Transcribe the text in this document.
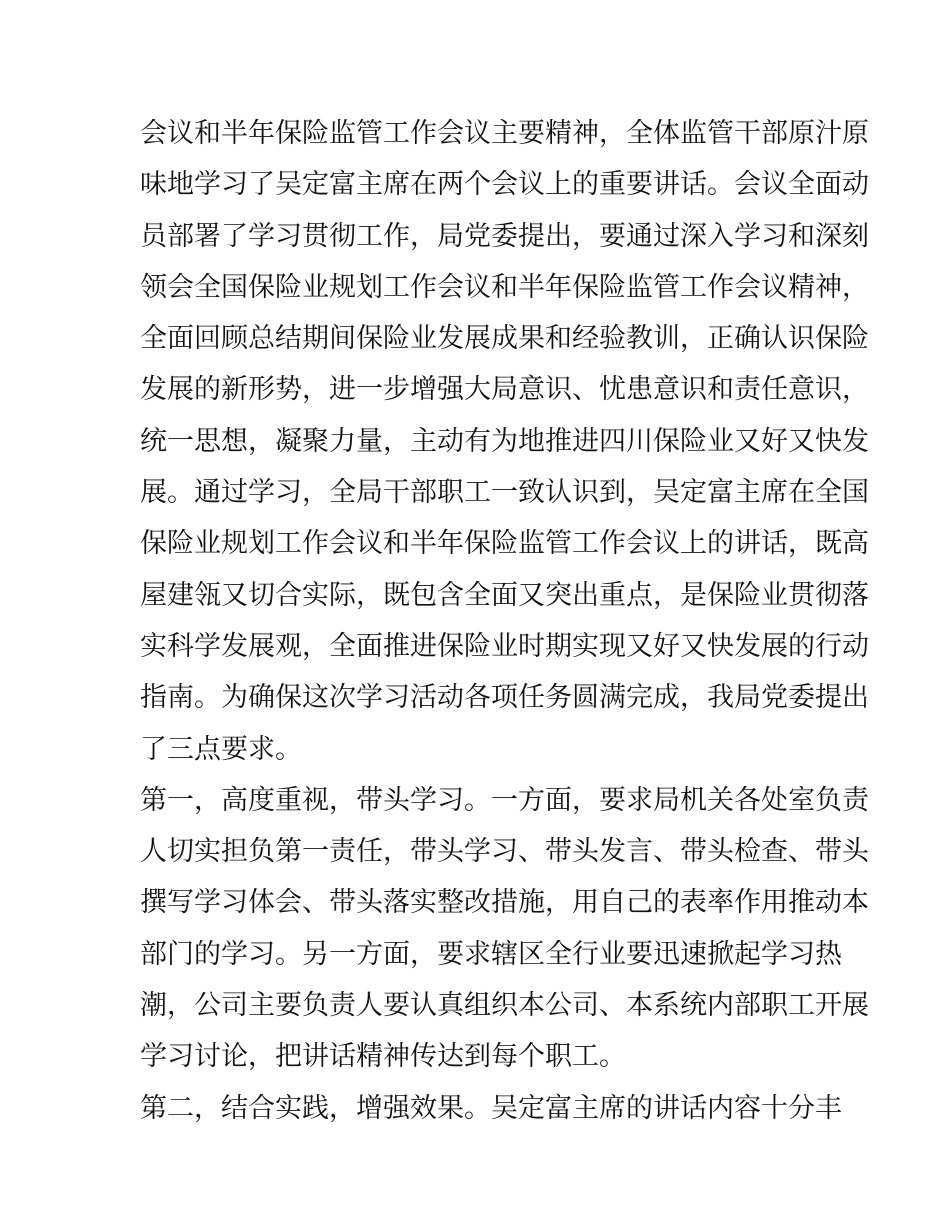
会议和半年保险监管工作会议主要精神，全体监管干部原汁原
味地学习了吴定富主席在两个会议上的重要讲话。会议全面动
员部署了学习贯彻工作，局党委提出，要通过深入学习和深刻
领会全国保险业规划工作会议和半年保险监管工作会议精神，
全面回顾总结期间保险业发展成果和经验教训，正确认识保险
发展的新形势，进一步增强大局意识、忧患意识和责任意识，
统一思想，凝聚力量，主动有为地推进四川保险业又好又快发
展。通过学习，全局干部职工一致认识到，吴定富主席在全国
保险业规划工作会议和半年保险监管工作会议上的讲话，既高
屋建瓴又切合实际，既包含全面又突出重点，是保险业贯彻落
实科学发展观，全面推进保险业时期实现又好又快发展的行动
指南。为确保这次学习活动各项任务圆满完成，我局党委提出
了三点要求。
第一，高度重视，带头学习。一方面，要求局机关各处室负责
人切实担负第一责任，带头学习、带头发言、带头检查、带头
撰写学习体会、带头落实整改措施，用自己的表率作用推动本
部门的学习。另一方面，要求辖区全行业要迅速掀起学习热
潮，公司主要负责人要认真组织本公司、本系统内部职工开展
学习讨论，把讲话精神传达到每个职工。
第二，结合实践，增强效果。吴定富主席的讲话内容十分丰
